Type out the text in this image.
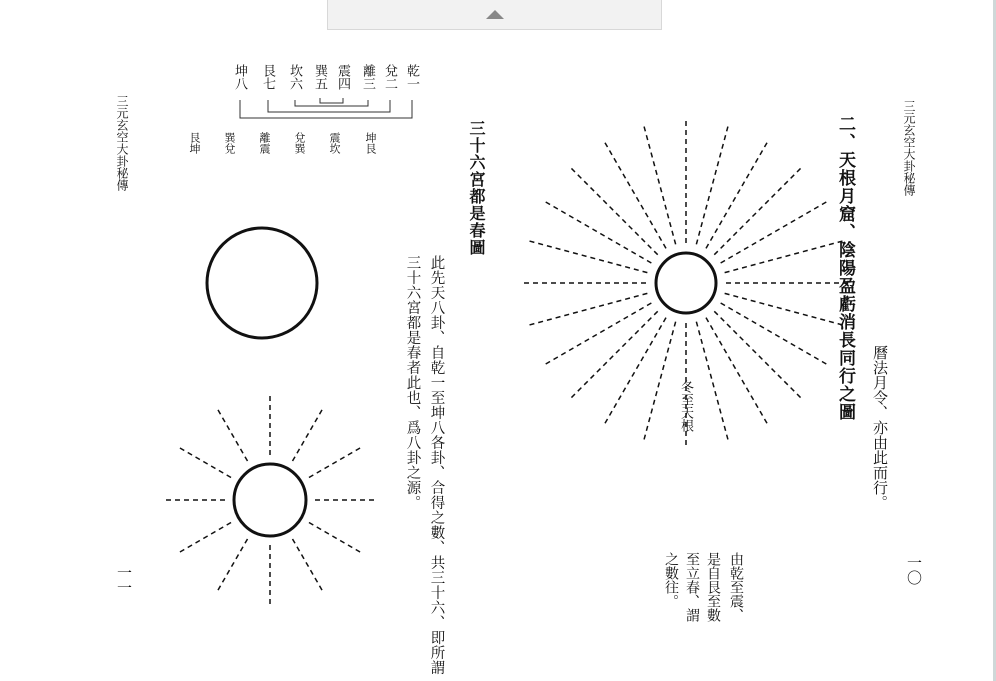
三元玄空大卦秘傳
二、天根月窟、陰陽盈虧消長同行之圖
曆法月令、亦由此而行。
一〇
由乾至震、
是自艮至數
至立春、謂
之數往。
冬至天根
三元玄空大卦秘傳
一一
三十六宮都是春圖
此先天八卦、自乾一至坤八各卦、合得之數、共三十六、即所謂
三十六宮都是春者此也、爲八卦之源。
乾一
兌二
離三
震四
巽五
坎六
艮七
坤八
坤艮
震坎
兌巽
離震
巽兌
艮坤
